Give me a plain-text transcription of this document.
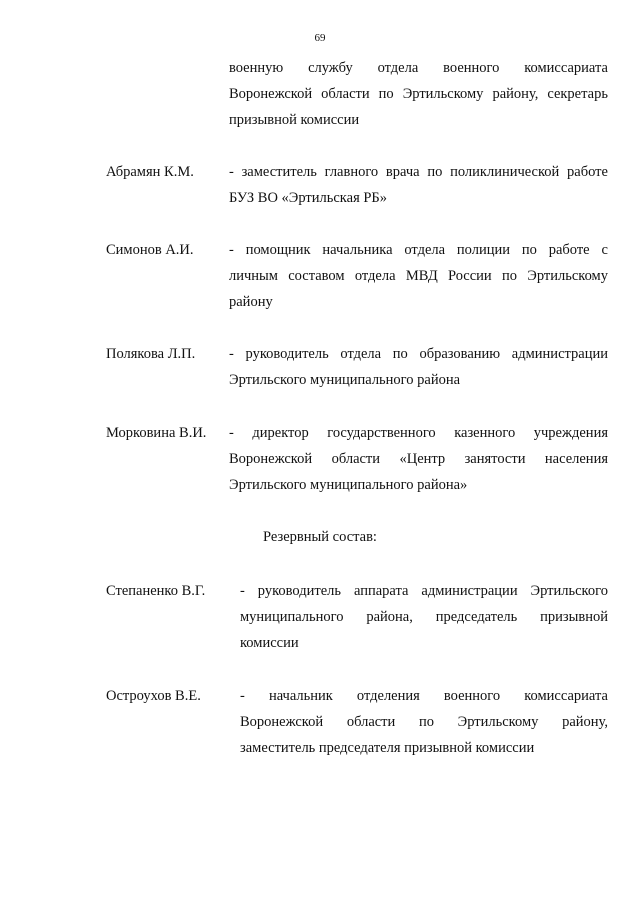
69
военную службу отдела военного комиссариата
Воронежской области по Эртильскому району, секретарь
призывной комиссии
Абрамян К.М. - заместитель главного врача по поликлинической работе
БУЗ ВО «Эртильская РБ»
Симонов А.И. - помощник начальника отдела полиции по работе с
личным составом отдела МВД России по Эртильскому
району
Полякова Л.П. - руководитель отдела по образованию администрации
Эртильского муниципального района
Морковина В.И. - директор государственного казенного учреждения
Воронежской области «Центр занятости населения
Эртильского муниципального района»
Резервный состав:
Степаненко В.Г. - руководитель аппарата администрации Эртильского
муниципального района, председатель призывной
комиссии
Остроухов В.Е.	- начальник отделения военного комиссариата
Воронежской области по Эртильскому району,
заместитель председателя призывной комиссии
